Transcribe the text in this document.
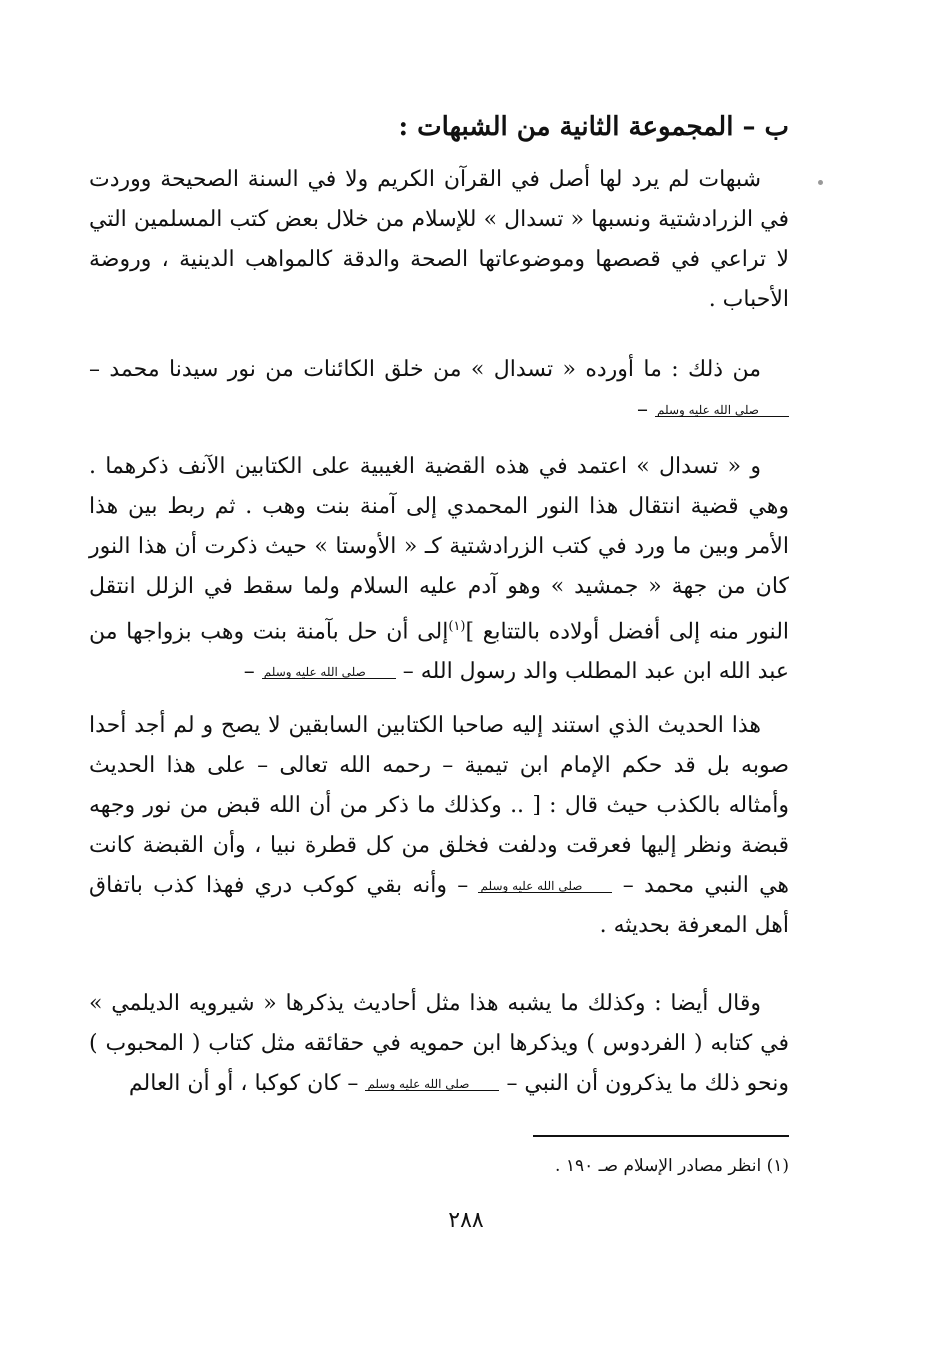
ب – المجموعة الثانية من الشبهات :

شبهات لم يرد لها أصل في القرآن الكريم ولا في السنة الصحيحة ووردت في الزرادشتية ونسبها « تسدال » للإسلام من خلال بعض كتب المسلمين التي لا تراعي في قصصها وموضوعاتها الصحة والدقة كالمواهب الدينية ، وروضة الأحباب .

من ذلك : ما أورده « تسدال » من خلق الكائنات من نور سيدنا محمد – صلى الله عليه وسلم –

و « تسدال » اعتمد في هذه القضية الغيبية على الكتابين الآنف ذكرهما . وهي قضية انتقال هذا النور المحمدي إلى آمنة بنت وهب . ثم ربط بين هذا الأمر وبين ما ورد في كتب الزرادشتية كـ « الأوستا » حيث ذكرت أن هذا النور كان من جهة « جمشيد » وهو آدم عليه السلام ولما سقط في الزلل انتقل النور منه إلى أفضل أولاده بالتتابع ]$^{(١)}$إلى أن حل بآمنة بنت وهب بزواجها من عبد الله ابن عبد المطلب والد رسول الله – صلى الله عليه وسلم –

هذا الحديث الذي استند إليه صاحبا الكتابين السابقين لا يصح و لم أجد أحدا صوبه بل قد حكم الإمام ابن تيمية – رحمه الله تعالى – على هذا الحديث وأمثاله بالكذب حيث قال : [ .. وكذلك ما ذكر من أن الله قبض من نور وجهه قبضة ونظر إليها فعرقت ودلفت فخلق من كل قطرة نبيا ، وأن القبضة كانت هي النبي محمد – صلى الله عليه وسلم – وأنه بقي كوكب دري فهذا كذب باتفاق أهل المعرفة بحديثه .

وقال أيضا : وكذلك ما يشبه هذا مثل أحاديث يذكرها « شيرويه الديلمي » في كتابه ( الفردوس ) ويذكرها ابن حمويه في حقائقه مثل كتاب ( المحبوب ) ونحو ذلك ما يذكرون أن النبي – صلى الله عليه وسلم – كان كوكبا ، أو أن العالم

(١) انظر مصادر الإسلام صـ ١٩٠ .
٢٨٨
